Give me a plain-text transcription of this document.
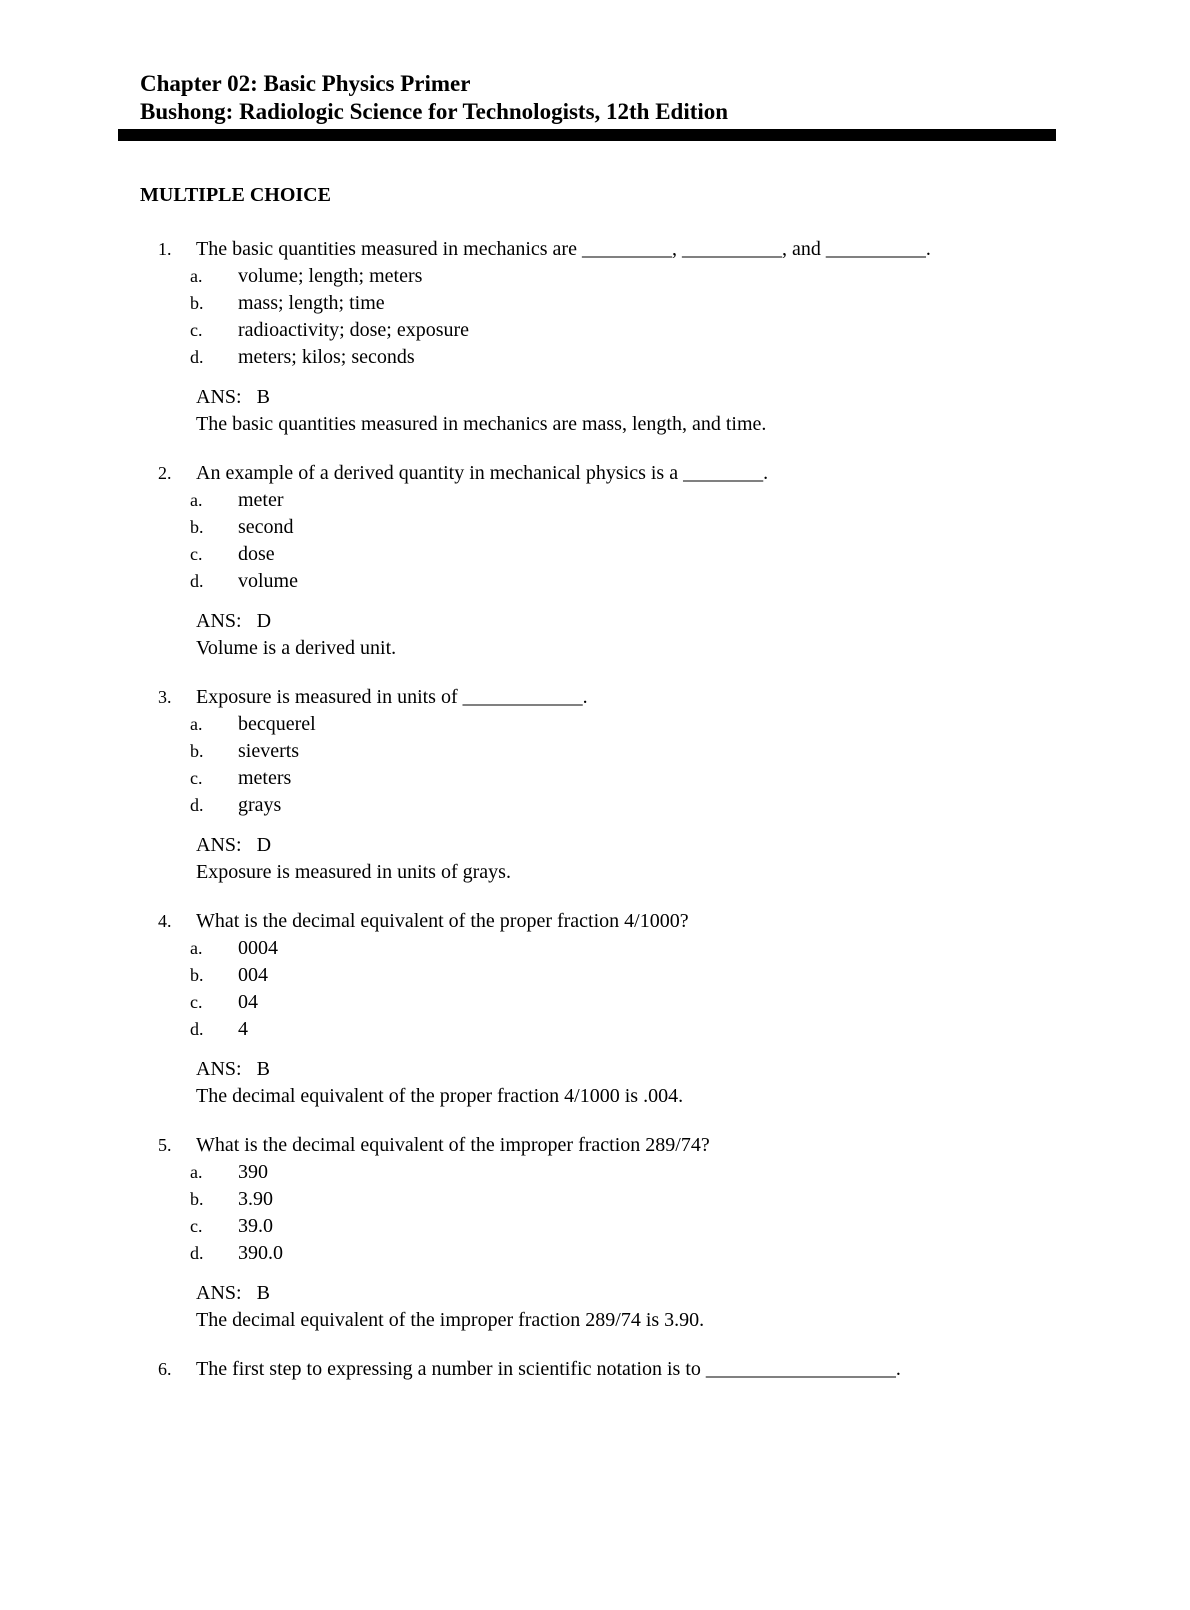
Chapter 02: Basic Physics Primer
Bushong: Radiologic Science for Technologists, 12th Edition
MULTIPLE CHOICE
1.	The basic quantities measured in mechanics are _________, __________, and __________.
a.	volume; length; meters
b.	mass; length; time
c.	radioactivity; dose; exposure
d.	meters; kilos; seconds
ANS: B
The basic quantities measured in mechanics are mass, length, and time.
2.	An example of a derived quantity in mechanical physics is a ________.
a.	meter
b.	second
c.	dose
d.	volume
ANS: D
Volume is a derived unit.
3.	Exposure is measured in units of ____________.
a.	becquerel
b.	sieverts
c.	meters
d.	grays
ANS: D
Exposure is measured in units of grays.
4.	What is the decimal equivalent of the proper fraction 4/1000?
a.	0004
b.	004
c.	04
d.	4
ANS: B
The decimal equivalent of the proper fraction 4/1000 is .004.
5.	What is the decimal equivalent of the improper fraction 289/74?
a.	390
b.	3.90
c.	39.0
d.	390.0
ANS: B
The decimal equivalent of the improper fraction 289/74 is 3.90.
6.	The first step to expressing a number in scientific notation is to ___________________.
